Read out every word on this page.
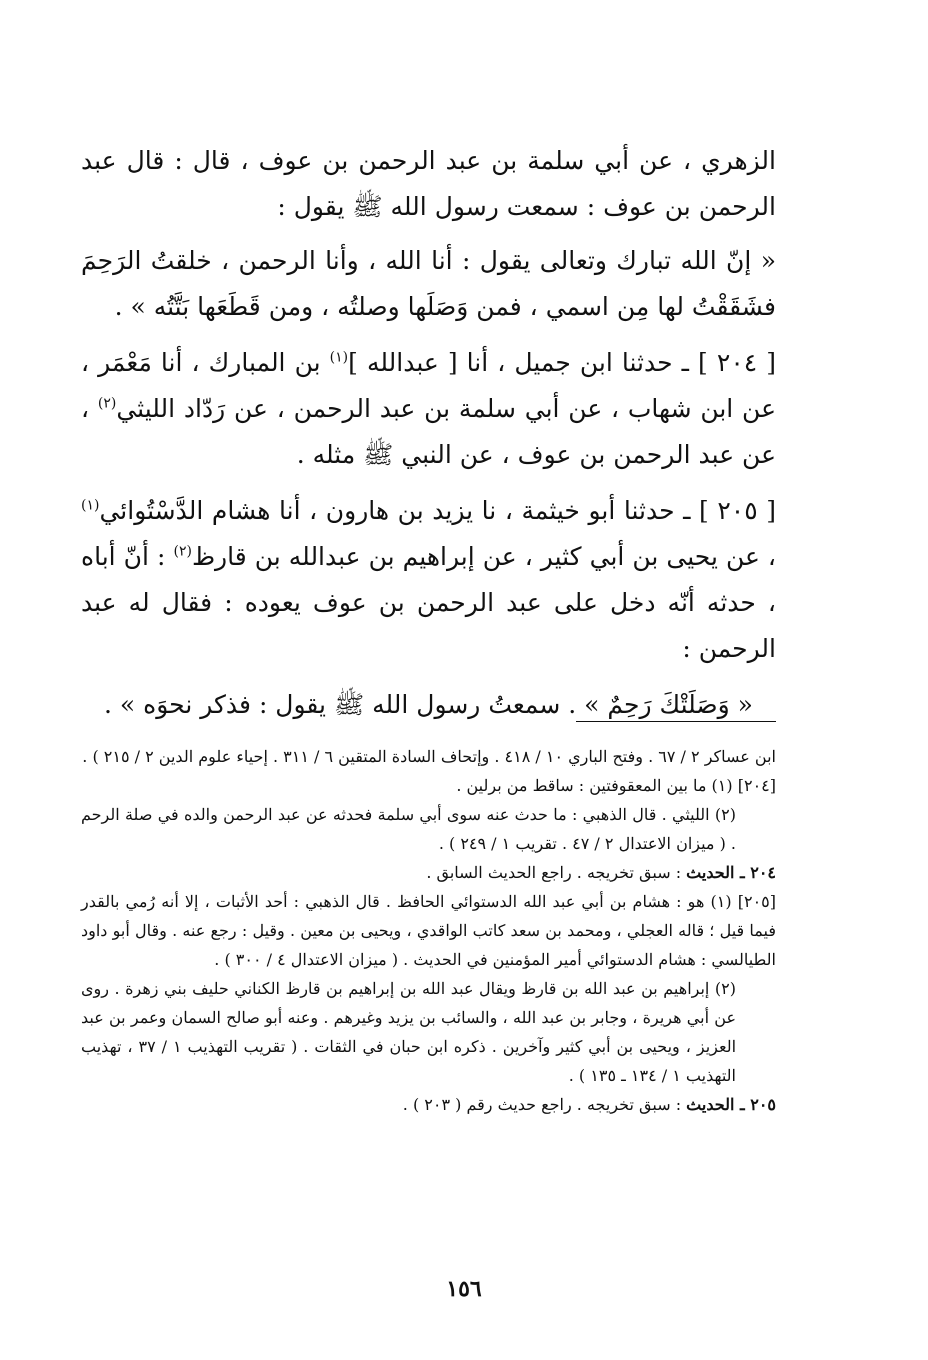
الزهري ، عن أبي سلمة بن عبد الرحمن بن عوف ، قال : قال عبد الرحمن بن عوف : سمعت رسول الله ﷺ يقول :

« إنّ الله تبارك وتعالى يقول : أنا الله ، وأنا الرحمن ، خلقتُ الرَحِمَ فشَقَقْتُ لها مِن اسمي ، فمن وَصَلَها وصلتُه ، ومن قَطَعَها بَتَّتُه » .

[ ٢٠٤ ] ـ حدثنا ابن جميل ، أنا [ عبدالله ]$^{(١)}$ بن المبارك ، أنا مَعْمَر ، عن ابن شهاب ، عن أبي سلمة بن عبد الرحمن ، عن رَدّاد الليثي$^{(٢)}$ ، عن عبد الرحمن بن عوف ، عن النبي ﷺ مثله .

[ ٢٠٥ ] ـ حدثنا أبو خيثمة ، نا يزيد بن هارون ، أنا هشام الدَّسْتُوائي$^{(١)}$ ، عن يحيى بن أبي كثير ، عن إبراهيم بن عبدالله بن قارظ$^{(٢)}$ : أنّ أباه ، حدثه أنّه دخل على عبد الرحمن بن عوف يعوده : فقال له عبد الرحمن :

« وَصَلَتْكَ رَحِمٌ » . سمعتُ رسول الله ﷺ يقول : فذكر نحوَه » .

ابن عساكر ٢ / ٦٧ . وفتح الباري ١٠ / ٤١٨ . وإتحاف السادة المتقين ٦ / ٣١١ . إحياء علوم الدين ٢ / ٢١٥ ) .

[٢٠٤] (١) ما بين المعقوفتين : ساقط من برلين .

(٢) الليثي . قال الذهبي : ما حدث عنه سوى أبي سلمة فحدثه عن عبد الرحمن والده في صلة الرحم . ( ميزان الاعتدال ٢ / ٤٧ . تقريب ١ / ٢٤٩ ) .

٢٠٤ ـ الحديث : سبق تخريجه . راجع الحديث السابق .

[٢٠٥] (١) هو : هشام بن أبي عبد الله الدستوائي الحافظ . قال الذهبي : أحد الأثبات ، إلا أنه رُمي بالقدر فيما قيل ؛ قاله العجلي ، ومحمد بن سعد كاتب الواقدي ، ويحيى بن معين . وقيل : رجع عنه . وقال أبو داود الطيالسي : هشام الدستوائي أمير المؤمنين في الحديث . ( ميزان الاعتدال ٤ / ٣٠٠ ) .

(٢) إبراهيم بن عبد الله بن قارظ ويقال عبد الله بن إبراهيم بن قارظ الكناني حليف بني زهرة . روى عن أبي هريرة ، وجابر بن عبد الله ، والسائب بن يزيد وغيرهم . وعنه أبو صالح السمان وعمر بن عبد العزيز ، ويحيى بن أبي كثير وآخرين . ذكره ابن حبان في الثقات . ( تقريب التهذيب ١ / ٣٧ ، تهذيب التهذيب ١ / ١٣٤ ـ ١٣٥ ) .

٢٠٥ ـ الحديث : سبق تخريجه . راجع حديث رقم ( ٢٠٣ ) .

١٥٦
